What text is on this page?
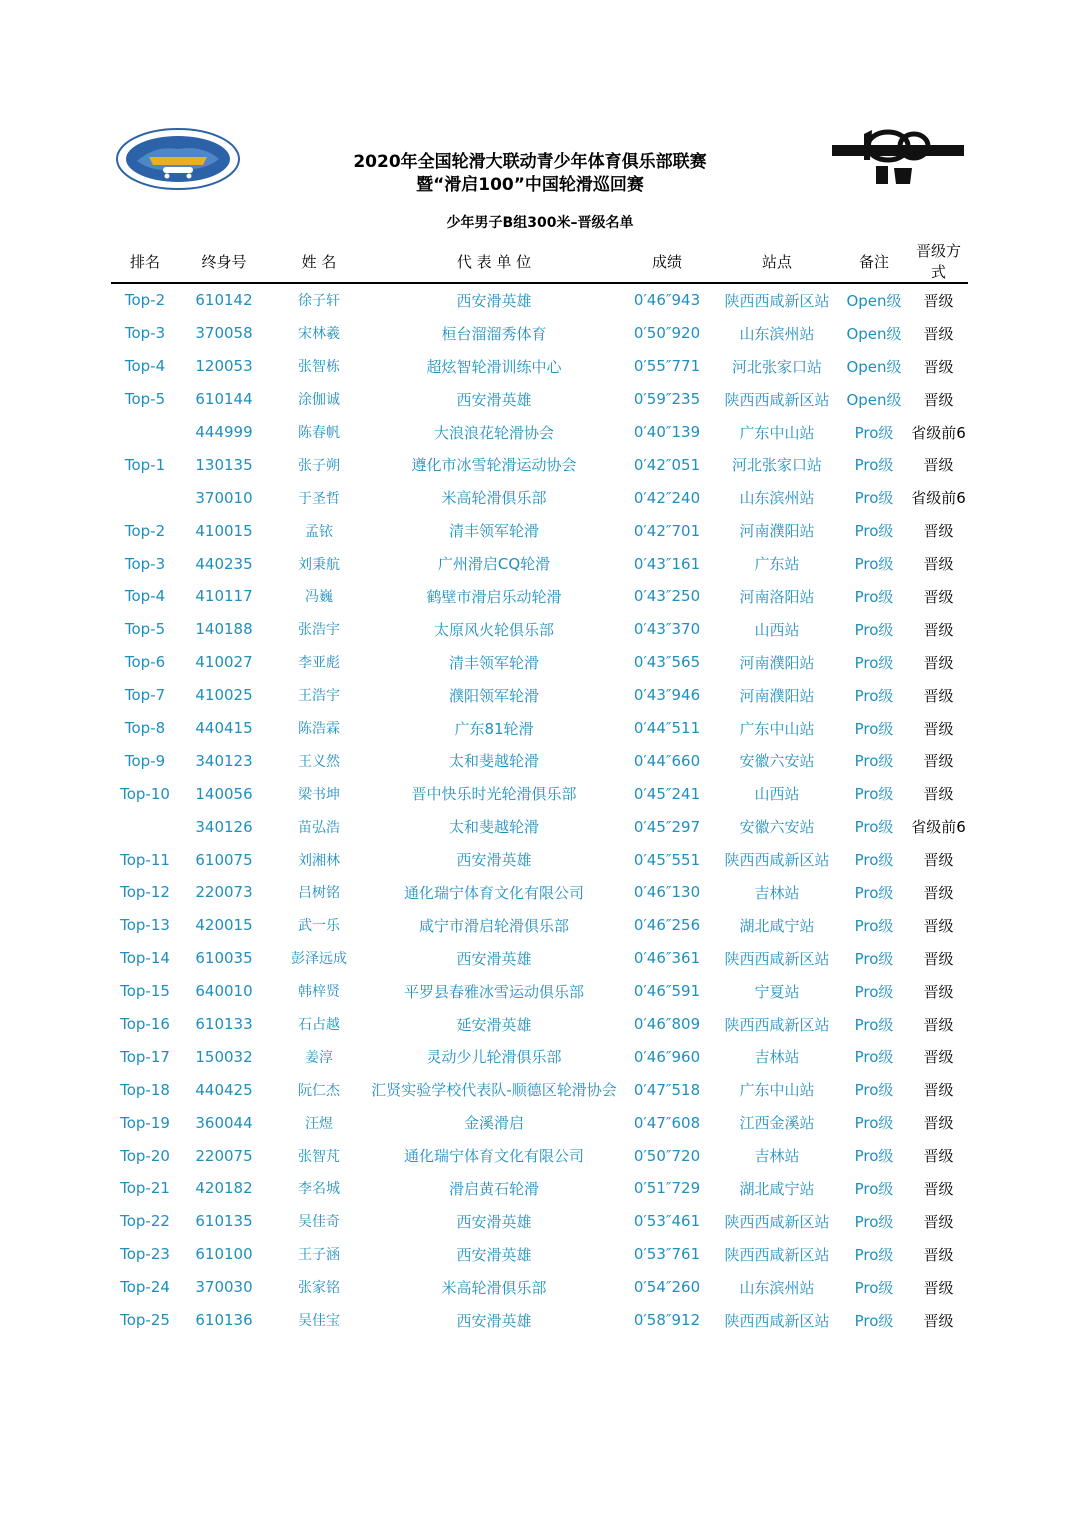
2020年全国轮滑大联动青少年体育俱乐部联赛
暨“滑启100”中国轮滑巡回赛
少年男子B组300米–晋级名单
排名	终身号	姓 名	代 表 单 位	成绩	站点	备注	晋级方式
Top-2	610142	徐子轩	西安滑英雄	0′46″943	陕西西咸新区站	Open级	晋级
Top-3	370058	宋林羲	桓台溜溜秀体育	0′50″920	山东滨州站	Open级	晋级
Top-4	120053	张智栋	超炫智轮滑训练中心	0′55″771	河北张家口站	Open级	晋级
Top-5	610144	涂伽诚	西安滑英雄	0′59″235	陕西西咸新区站	Open级	晋级
	444999	陈春帆	大浪浪花轮滑协会	0′40″139	广东中山站	Pro级	省级前6
Top-1	130135	张子朔	遵化市冰雪轮滑运动协会	0′42″051	河北张家口站	Pro级	晋级
	370010	于圣哲	米高轮滑俱乐部	0′42″240	山东滨州站	Pro级	省级前6
Top-2	410015	孟铱	清丰领军轮滑	0′42″701	河南濮阳站	Pro级	晋级
Top-3	440235	刘秉航	广州滑启CQ轮滑	0′43″161	广东站	Pro级	晋级
Top-4	410117	冯巍	鹤壁市滑启乐动轮滑	0′43″250	河南洛阳站	Pro级	晋级
Top-5	140188	张浩宇	太原风火轮俱乐部	0′43″370	山西站	Pro级	晋级
Top-6	410027	李亚彪	清丰领军轮滑	0′43″565	河南濮阳站	Pro级	晋级
Top-7	410025	王浩宇	濮阳领军轮滑	0′43″946	河南濮阳站	Pro级	晋级
Top-8	440415	陈浩霖	广东81轮滑	0′44″511	广东中山站	Pro级	晋级
Top-9	340123	王义然	太和斐越轮滑	0′44″660	安徽六安站	Pro级	晋级
Top-10	140056	梁书坤	晋中快乐时光轮滑俱乐部	0′45″241	山西站	Pro级	晋级
	340126	苗弘浩	太和斐越轮滑	0′45″297	安徽六安站	Pro级	省级前6
Top-11	610075	刘湘林	西安滑英雄	0′45″551	陕西西咸新区站	Pro级	晋级
Top-12	220073	吕树铭	通化瑞宁体育文化有限公司	0′46″130	吉林站	Pro级	晋级
Top-13	420015	武一乐	咸宁市滑启轮滑俱乐部	0′46″256	湖北咸宁站	Pro级	晋级
Top-14	610035	彭泽远成	西安滑英雄	0′46″361	陕西西咸新区站	Pro级	晋级
Top-15	640010	韩梓贤	平罗县春雅冰雪运动俱乐部	0′46″591	宁夏站	Pro级	晋级
Top-16	610133	石占越	延安滑英雄	0′46″809	陕西西咸新区站	Pro级	晋级
Top-17	150032	姜淳	灵动少儿轮滑俱乐部	0′46″960	吉林站	Pro级	晋级
Top-18	440425	阮仁杰	汇贤实验学校代表队-顺德区轮滑协会	0′47″518	广东中山站	Pro级	晋级
Top-19	360044	汪煜	金溪滑启	0′47″608	江西金溪站	Pro级	晋级
Top-20	220075	张智芃	通化瑞宁体育文化有限公司	0′50″720	吉林站	Pro级	晋级
Top-21	420182	李名城	滑启黄石轮滑	0′51″729	湖北咸宁站	Pro级	晋级
Top-22	610135	吴佳奇	西安滑英雄	0′53″461	陕西西咸新区站	Pro级	晋级
Top-23	610100	王子涵	西安滑英雄	0′53″761	陕西西咸新区站	Pro级	晋级
Top-24	370030	张家铭	米高轮滑俱乐部	0′54″260	山东滨州站	Pro级	晋级
Top-25	610136	吴佳宝	西安滑英雄	0′58″912	陕西西咸新区站	Pro级	晋级
